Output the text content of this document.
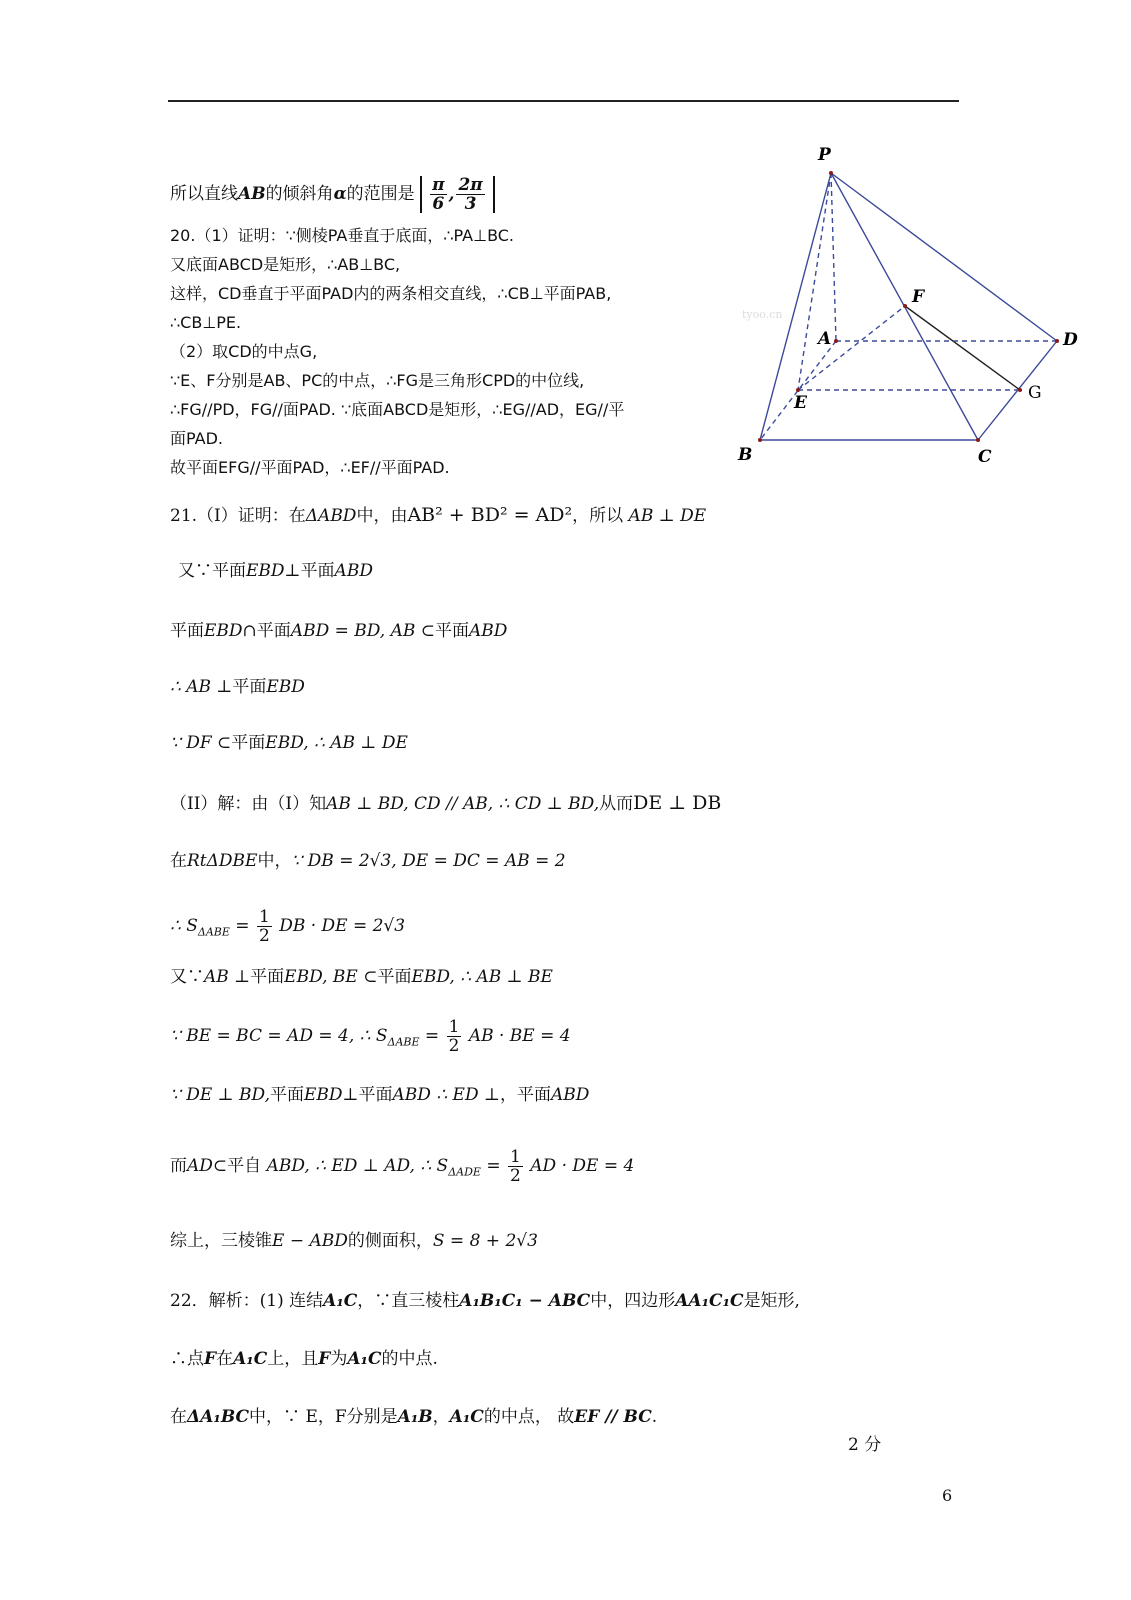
所以直线AB的倾斜角α的范围是 $\frac{\pi}{6}$ , $\frac{2\pi}{3}$
20.（1）证明：∵侧棱PA垂直于底面，∴PA⊥BC.
又底面ABCD是矩形，∴AB⊥BC,
这样，CD垂直于平面PAD内的两条相交直线，∴CB⊥平面PAB,
∴CB⊥PE.
（2）取CD的中点G,
∵E、F分别是AB、PC的中点，∴FG是三角形CPD的中位线,
∴FG//PD，FG//面PAD. ∵底面ABCD是矩形，∴EG//AD，EG//平
面PAD.
故平面EFG//平面PAD，∴EF//平面PAD.
21.（I）证明：在ΔABD中，由AB² + BD² = AD²，所以 AB ⊥ DE
又∵平面EBD⊥平面ABD
平面EBD∩平面ABD = BD, AB ⊂平面ABD
∴ AB ⊥平面EBD
∵ DF ⊂平面EBD, ∴ AB ⊥ DE
（II）解：由（I）知AB ⊥ BD, CD // AB, ∴ CD ⊥ BD,从而DE ⊥ DB
在RtΔDBE中，∵ DB = 2√3, DE = DC = AB = 2
∴ $S_{\Delta ABE} = \frac{1}{2}$ DB · DE = 2√3
又∵AB ⊥平面EBD, BE ⊂平面EBD, ∴ AB ⊥ BE
∵ BE = BC = AD = 4, ∴ $S_{\Delta ABE} = \frac{1}{2}$ AB · BE = 4
∵ DE ⊥ BD,平面EBD⊥平面ABD ∴ ED ⊥，平面ABD
而AD⊂平自 ABD, ∴ ED ⊥ AD, ∴ $S_{\Delta ADE} = \frac{1}{2}$ AD · DE = 4
综上，三棱锥E − ABD的侧面积，S = 8 + 2√3
22．解析：(1) 连结A₁C，∵直三棱柱A₁B₁C₁ − ABC中，四边形AA₁C₁C是矩形,
∴点F在A₁C上，且F为A₁C的中点.
在ΔA₁BC中，∵ E，F分别是A₁B，A₁C的中点， 故EF // BC.
2 分
6
P
A	D
B	C
E
F
G
tyoo.cn
